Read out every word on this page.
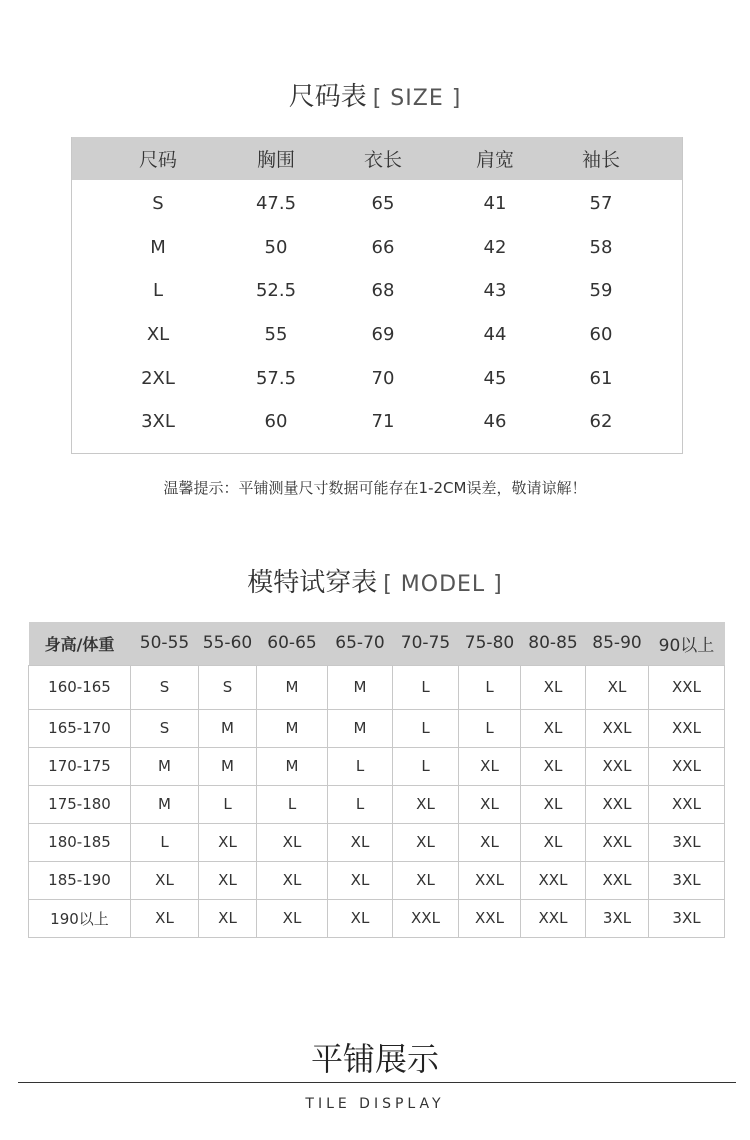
尺码表 [ SIZE ]
尺码	胸围	衣长	肩宽	袖长
S	47.5	65	41	57
M	50	66	42	58
L	52.5	68	43	59
XL	55	69	44	60
2XL	57.5	70	45	61
3XL	60	71	46	62
温馨提示：平铺测量尺寸数据可能存在1-2CM误差，敬请谅解！
模特试穿表 [ MODEL ]
身高/体重	50-55	55-60	60-65	65-70	70-75	75-80	80-85	85-90	90以上
160-165	S	S	M	M	L	L	XL	XL	XXL
165-170	S	M	M	M	L	L	XL	XXL	XXL
170-175	M	M	M	L	L	XL	XL	XXL	XXL
175-180	M	L	L	L	XL	XL	XL	XXL	XXL
180-185	L	XL	XL	XL	XL	XL	XL	XXL	3XL
185-190	XL	XL	XL	XL	XL	XXL	XXL	XXL	3XL
190以上	XL	XL	XL	XL	XXL	XXL	XXL	3XL	3XL
平铺展示
TILE DISPLAY
